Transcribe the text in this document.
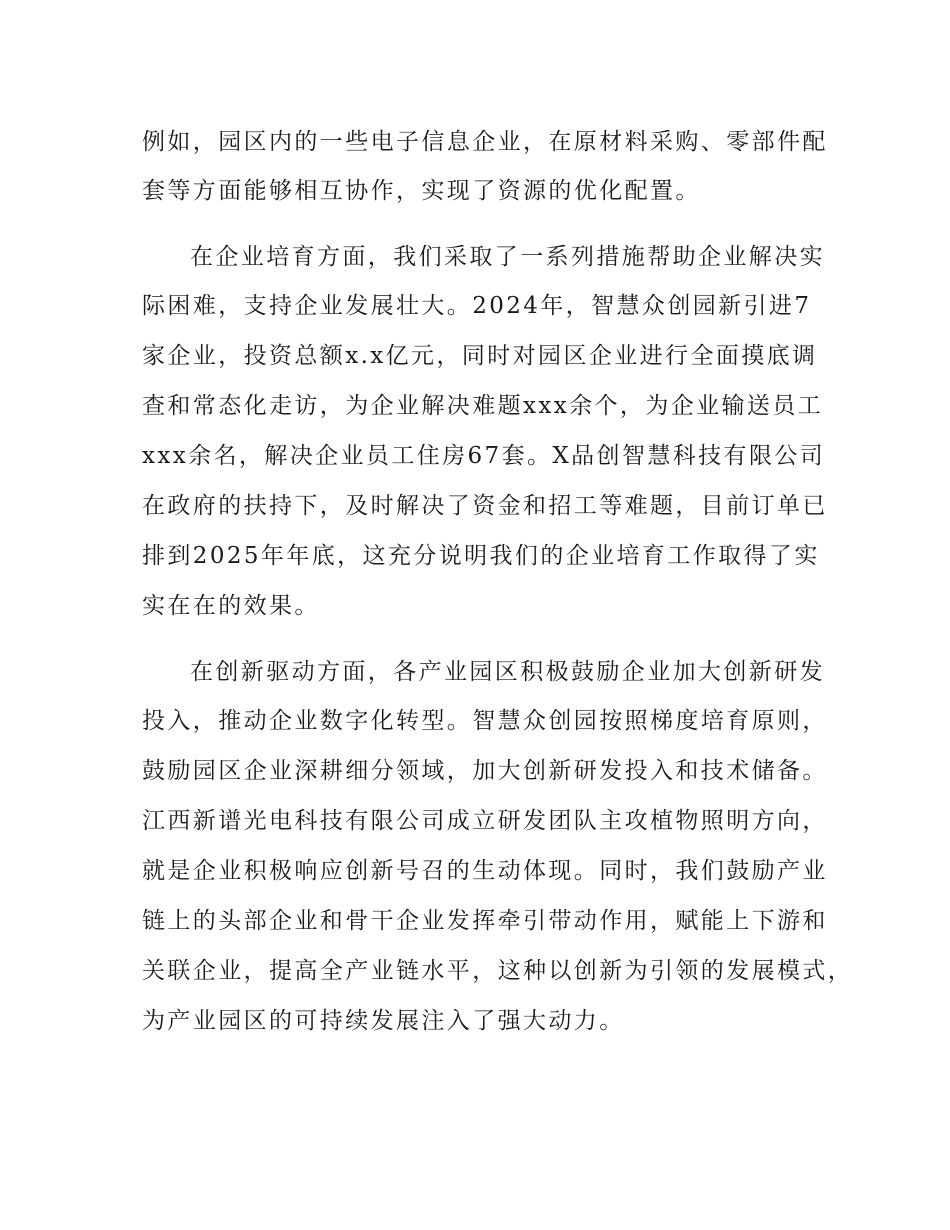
例如，园区内的一些电子信息企业，在原材料采购、零部件配
套等方面能够相互协作，实现了资源的优化配置。
在企业培育方面，我们采取了一系列措施帮助企业解决实
际困难，支持企业发展壮大。2024年，智慧众创园新引进7
家企业，投资总额x.x亿元，同时对园区企业进行全面摸底调
查和常态化走访，为企业解决难题xxx余个，为企业输送员工
xxx余名，解决企业员工住房67套。X品创智慧科技有限公司
在政府的扶持下，及时解决了资金和招工等难题，目前订单已
排到2025年年底，这充分说明我们的企业培育工作取得了实
实在在的效果。
在创新驱动方面，各产业园区积极鼓励企业加大创新研发
投入，推动企业数字化转型。智慧众创园按照梯度培育原则，
鼓励园区企业深耕细分领域，加大创新研发投入和技术储备。
江西新谱光电科技有限公司成立研发团队主攻植物照明方向，
就是企业积极响应创新号召的生动体现。同时，我们鼓励产业
链上的头部企业和骨干企业发挥牵引带动作用，赋能上下游和
关联企业，提高全产业链水平，这种以创新为引领的发展模式，
为产业园区的可持续发展注入了强大动力。
